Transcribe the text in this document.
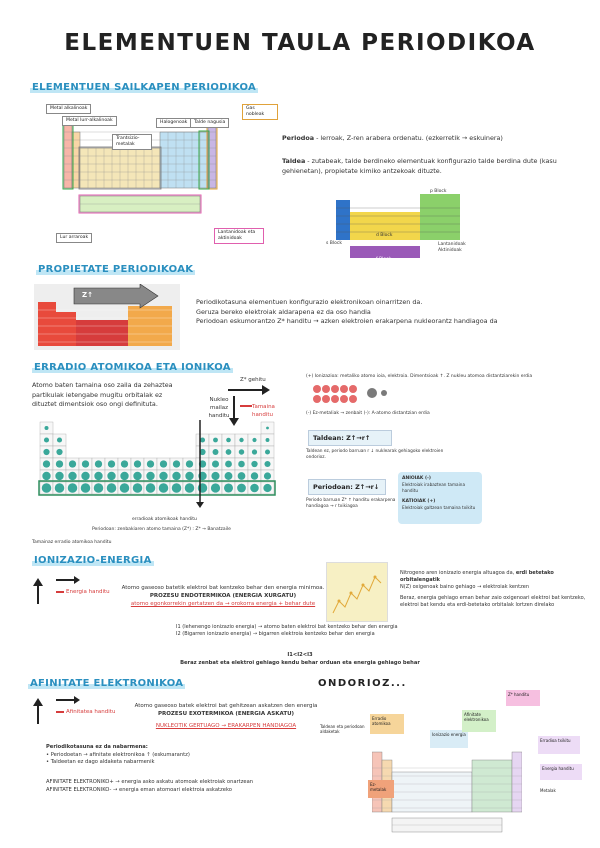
ELEMENTUEN TAULA PERIODIKOA
ELEMENTUEN SAILKAPEN PERIODIKOA
Metal alkalinoak
Metal lurr-alkalinoak
Trantsizio-metalak
Halogenoak	Talde nagusia
Gas nobleak
Lur arraroak
Lantanidoak eta aktinidoak
Periodoa - lerroak, Z-ren arabera ordenatu. (ezkerretik → eskuinera)
Taldea - zutabeak, talde berdineko elementuak konfigurazio talde berdina dute (kasu gehienetan), propietate kimiko antzekoak dituzte.
s Block
d Block
p Block
f Block
Lantanidoak Aktinidoak
PROPIETATE PERIODIKOAK
Z↑
Periodikotasuna elementuen konfigurazio elektronikoan oinarritzen da.
Geruza bereko elektroiak aldarapena ez da oso handia
Periodoan eskumorantzo Z* handitu → azken elektroien erakarpena nukleorantz handiagoa da
ERRADIO ATOMIKOA ETA IONIKOA
Atomo baten tamaina oso zaila da zehaztea partikulak ietengabe mugitu orbitalak ez dituztet dimentsiok oso ongi definituta.
Z* gehitu
Nukleo mailaz handitu
Tamaina handitu
erradioak atomikoak handitu
Periodoan: zenbakiaren atomo tamaina (Z*) : Z* → Banatzaile
Tamainaz erradio atomikoa handitu
(+) Ionizazioa: metaliko atomo ioia, elektroia. Dimentsioak ↑. Z nukleu atomoa distantziarekin erdia
(-) Ez-metaliak → zenbait (-): A-atomo distantzian erdia
Taldean: Z↑→r↑
Taldean ez, periodo barruan r ↓ nuklearak gehiagoko elektroien ondorioz.
Periodoan: Z↑→r↓
Periodo barruan Z* ↑ handitu erakarpena handiagoa → r txikiagoa
ANIOIAK (-)
Elektroiak irabaztean tamaina handitu
KATIOIAK (+)
Elektroiak galtzean tamaina txikitu
IONIZAZIO-ENERGIA
Energia handitu
Atomo gaseoso batetik elektroi bat kentzeko behar den energia minimoa.
PROZESU ENDOTERMIKOA (ENERGIA XURGATU)
atomo egonkorrekin gertatzen da → orokorra energia + behar dute
Nitrogeno aren ionizazio energia altuagoa da, erdi betetako orbitalengatik
N(Z) oxigenoak baino gehiago → elektroiak kentzen
Beraz, energia gehiago eman behar zaio oxigenoari elektroi bat kentzeko, elektroi bat kendu eta erdi-betetako orbitalak lortzen direlako
I1 (lehenengo ionizazio energia) → atomo baten elektroi bat kentzeko behar den energia
I2 (Bigarren ionizazio energia) → bigarren elektroia kentzeko behar den energia
I1<I2<I3
Beraz zenbat eta elektroi gehiago kendu behar orduan eta energia gehiago behar
AFINITATE ELEKTRONIKOA
Afinitatea handitu
Atomo gaseoso batek elektroi bat gehitzean askatzen den energia
PROZESU EXOTERMIKOA (ENERGIA ASKATU)
NUKLEOTIK GERTUAGO → ERAKARPEN HANDIAGOA
Periodikotasuna ez da nabarmena:
• Periodoetan → afinitate elektronikoa ↑ (eskumarantz)
• Taldeetan ez dago aldaketa nabarmenik
AFINITATE ELEKTRONIKO+ → energia asko askatu atomoak elektroiak onartzean
AFINITATE ELEKTRONIKO- → energia eman atomoari elektroia askatzeko
ONDORIOZ...
Erradio atomikoa
Ionizazio energia
Afinitate elektronikoa
Z* handitu
Erradioa txikitu
Energia handitu
Taldean eta periodoan aldaketak
Ez-metalak	Metalak
